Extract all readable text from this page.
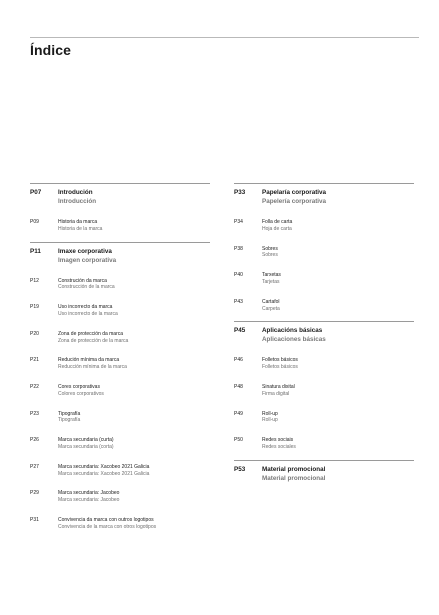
Índice
P07	Introdución
Introducción
P09	Historia da marca
Historia de la marca
P11	Imaxe corporativa
Imagen corporativa
P12	Construción da marca
Construcción de la marca
P19	Uso incorrecto da marca
Uso incorrecto de la marca
P20	Zona de protección da marca
Zona de protección de la marca
P21	Redución mínima da marca
Reducción mínima de la marca
P22	Cores corporativas
Colores corporativos
P23	Tipografía
Tipografía
P26	Marca secundaria (curta)
Marca secundaria (corta)
P27	Marca secundaria: Xacobeo 2021 Galicia
Marca secundaria: Xacobeo 2021 Galicia
P29	Marca secundaria: Jacobeo
Marca secundaria: Jacobeo
P31	Convivencia da marca con outros logotipos
Convivencia de la marca con otros logotipos
P33	Papelaría corporativa
Papelería corporativa
P34	Folla de carta
Hoja de carta
P38	Sobres
Sobres
P40	Tarxetas
Tarjetas
P43	Cartafol
Carpeta
P45	Aplicacións básicas
Aplicaciones básicas
P46	Folletos básicos
Folletos básicos
P48	Sinatura dixital
Firma digital
P49	Roll-up
Roll-up
P50	Redes sociais
Redes sociales
P53	Material promocional
Material promocional
